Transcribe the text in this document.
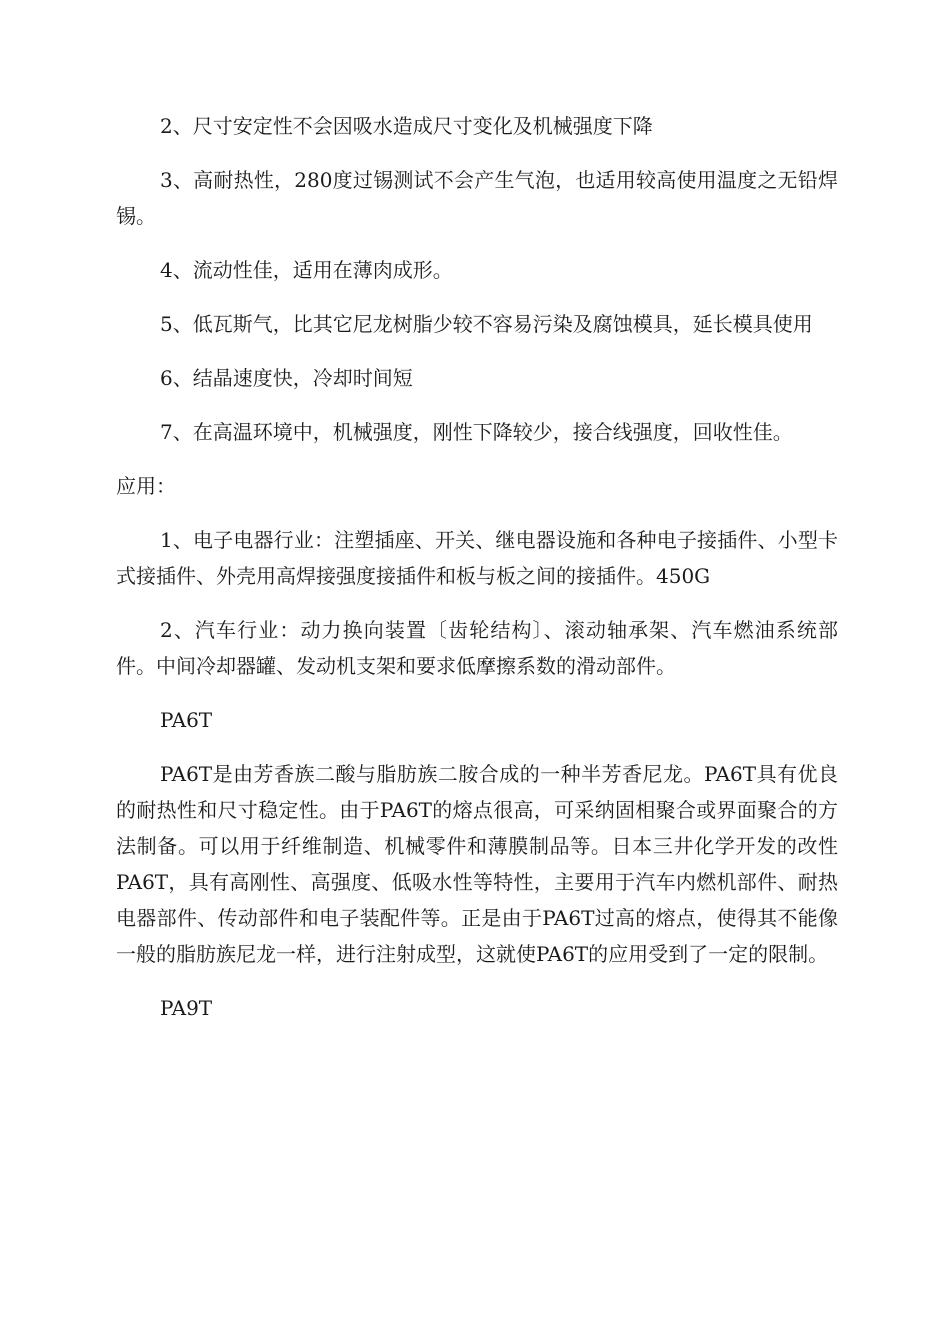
2、尺寸安定性不会因吸水造成尺寸变化及机械强度下降

3、高耐热性，280度过锡测试不会产生气泡，也适用较高使用温度之无铅焊锡。

4、流动性佳，适用在薄肉成形。

5、低瓦斯气，比其它尼龙树脂少较不容易污染及腐蚀模具，延长模具使用

6、结晶速度快，冷却时间短

7、在高温环境中，机械强度，刚性下降较少，接合线强度，回收性佳。

应用：

1、电子电器行业：注塑插座、开关、继电器设施和各种电子接插件、小型卡式接插件、外壳用高焊接强度接插件和板与板之间的接插件。450G

2、汽车行业：动力换向装置〔齿轮结构〕、滚动轴承架、汽车燃油系统部件。中间冷却器罐、发动机支架和要求低摩擦系数的滑动部件。

PA6T

PA6T是由芳香族二酸与脂肪族二胺合成的一种半芳香尼龙。PA6T具有优良的耐热性和尺寸稳定性。由于PA6T的熔点很高，可采纳固相聚合或界面聚合的方法制备。可以用于纤维制造、机械零件和薄膜制品等。日本三井化学开发的改性PA6T，具有高刚性、高强度、低吸水性等特性，主要用于汽车内燃机部件、耐热电器部件、传动部件和电子装配件等。正是由于PA6T过高的熔点，使得其不能像一般的脂肪族尼龙一样，进行注射成型，这就使PA6T的应用受到了一定的限制。

PA9T
